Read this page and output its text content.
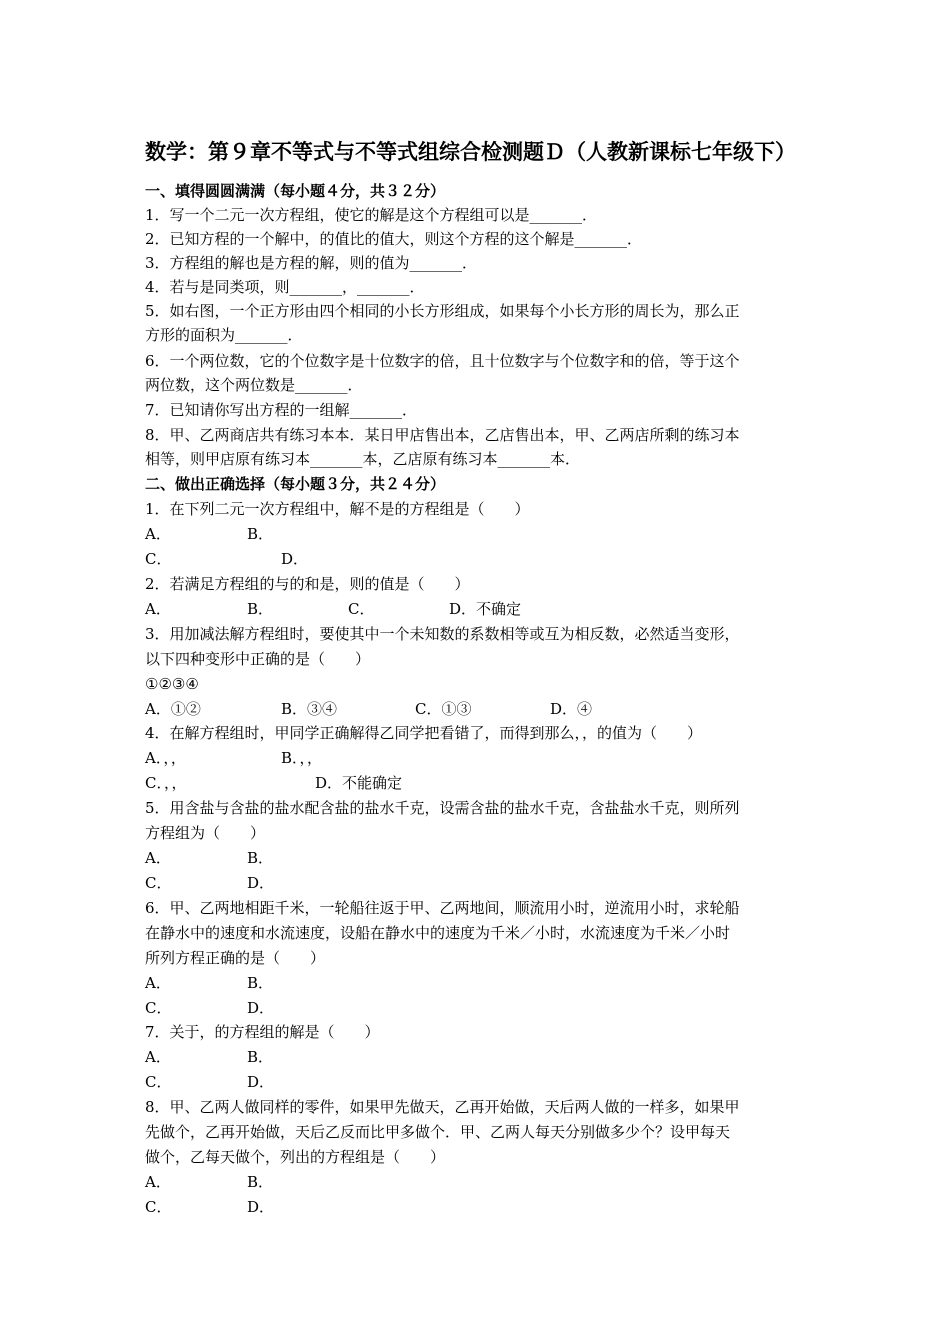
数学：第９章不等式与不等式组综合检测题Ｄ（人教新课标七年级下）
一、填得圆圆满满（每小题４分，共３２分）
1．写一个二元一次方程组，使它的解是这个方程组可以是_______．
2．已知方程的一个解中，的值比的值大，则这个方程的这个解是_______．
3．方程组的解也是方程的解，则的值为_______．
4．若与是同类项，则_______，_______．
5．如右图，一个正方形由四个相同的小长方形组成，如果每个小长方形的周长为，那么正
方形的面积为_______．
6．一个两位数，它的个位数字是十位数字的倍，且十位数字与个位数字和的倍，等于这个
两位数，这个两位数是_______．
7．已知请你写出方程的一组解_______．
8．甲、乙两商店共有练习本本．某日甲店售出本，乙店售出本，甲、乙两店所剩的练习本
相等，则甲店原有练习本_______本，乙店原有练习本_______本．
二、做出正确选择（每小题３分，共２４分）
1．在下列二元一次方程组中，解不是的方程组是（　　）
A．	B．
C．	D．
2．若满足方程组的与的和是，则的值是（　　）
A．	B．	C．	D．不确定
3．用加减法解方程组时，要使其中一个未知数的系数相等或互为相反数，必然适当变形，
以下四种变形中正确的是（　　）
①②③④
A．①②	B．③④	C．①③	D．④
4．在解方程组时，甲同学正确解得乙同学把看错了，而得到那么，，的值为（　　）
A．，，	B．，，
C．，，	D．不能确定
5．用含盐与含盐的盐水配含盐的盐水千克，设需含盐的盐水千克，含盐盐水千克，则所列
方程组为（　　）
A．	B．
C．	D．
6．甲、乙两地相距千米，一轮船往返于甲、乙两地间，顺流用小时，逆流用小时，求轮船
在静水中的速度和水流速度，设船在静水中的速度为千米／小时，水流速度为千米／小时
所列方程正确的是（　　）
A．	B．
C．	D．
7．关于，的方程组的解是（　　）
A．	B．
C．	D．
8．甲、乙两人做同样的零件，如果甲先做天，乙再开始做，天后两人做的一样多，如果甲
先做个，乙再开始做，天后乙反而比甲多做个．甲、乙两人每天分别做多少个？设甲每天
做个，乙每天做个，列出的方程组是（　　）
A．	B．
C．	D．
